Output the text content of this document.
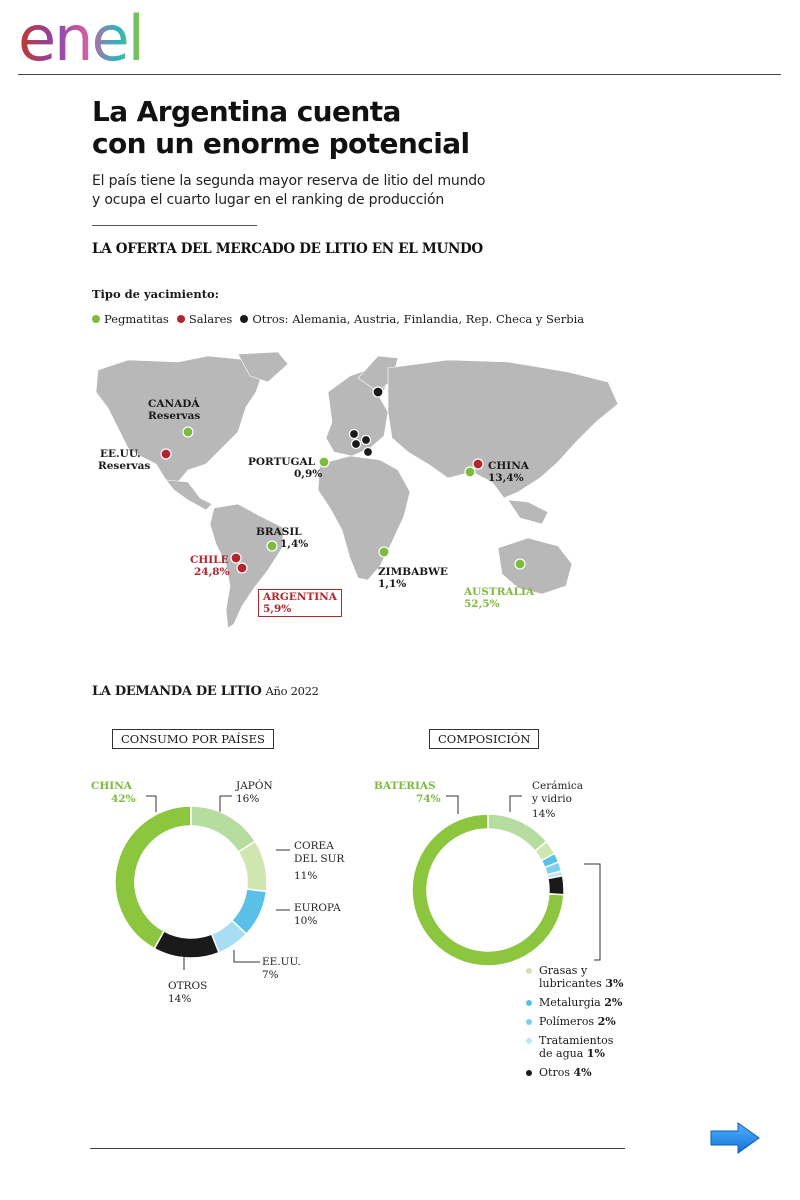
enel
La Argentina cuenta
con un enorme potencial
El país tiene la segunda mayor reserva de litio del mundo
y ocupa el cuarto lugar en el ranking de producción
LA OFERTA DEL MERCADO DE LITIO EN EL MUNDO
Tipo de yacimiento:
Pegmatitas Salares Otros: Alemania, Austria, Finlandia, Rep. Checa y Serbia
CANADÁ
Reservas
EE.UU.
Reservas	PORTUGAL
0,9%
CHINA
13,4%
BRASIL
1,4%
CHILE
24,8%
ARGENTINA
5,9%
ZIMBABWE
1,1%
AUSTRALIA
52,5%
LA DEMANDA DE LITIO Año 2022
CONSUMO POR PAÍSES	COMPOSICIÓN
CHINA
42%
JAPÓN
16%
COREA
DEL SUR
11%
EUROPA
10%
EE.UU.
7%
OTROS
14%
BATERIAS
74%
Cerámica
y vidrio
14%
Grasas y
lubricantes 3%
Metalurgia 2%
Polímeros 2%
Tratamientos
de agua 1%
Otros 4%
